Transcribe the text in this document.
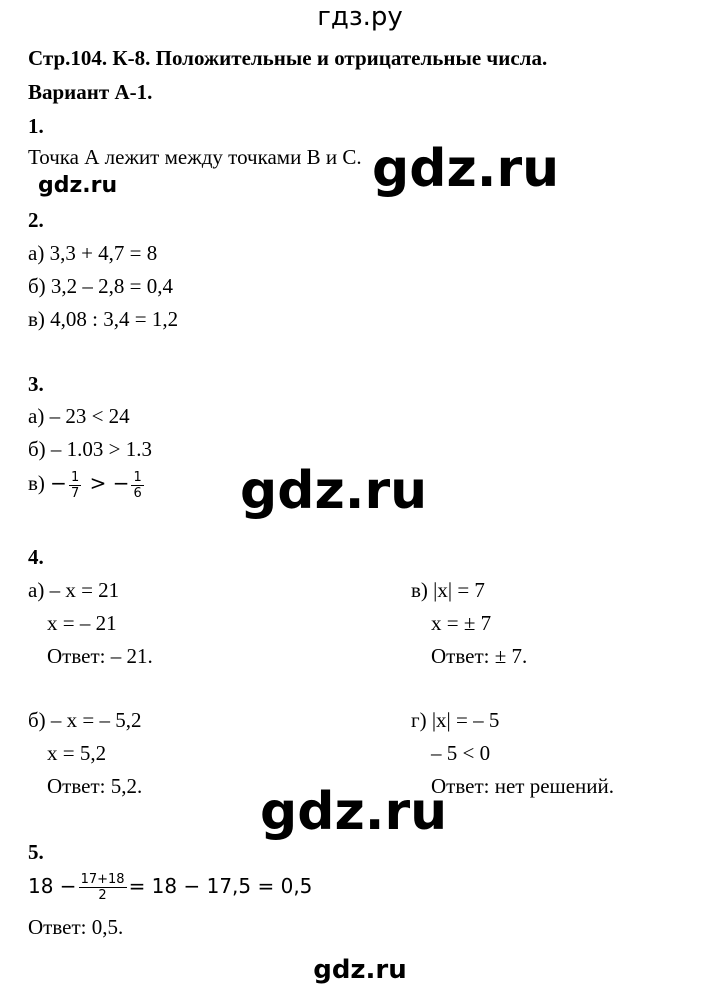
гдз.ру
Стр.104. К-8. Положительные и отрицательные числа.
Вариант А-1.
1.
Точка А лежит между точками B и C.
gdz.ru	gdz.ru
2.
а) 3,3 + 4,7 = 8
б) 3,2 – 2,8 = 0,4
в) 4,08 : 3,4 = 1,2
3.
а) – 23 < 24
б) – 1.03 > 1.3
$в) - \frac{1}{7}$ > − $\frac{1}{6} gdz.ru$
4.
а) – x = 21
x = – 21
Ответ: – 21.
в) |x| = 7
x = ± 7
Ответ: ± 7.
б) – x = – 5,2
x = 5,2
Ответ: 5,2.
г) |x| = – 5
– 5 < 0
Ответ: нет решений.
gdz.ru
5.
$18 - \frac{17+18}{2} = 18 - 17,5 = 0,5$
Ответ: 0,5.
gdz.ru
